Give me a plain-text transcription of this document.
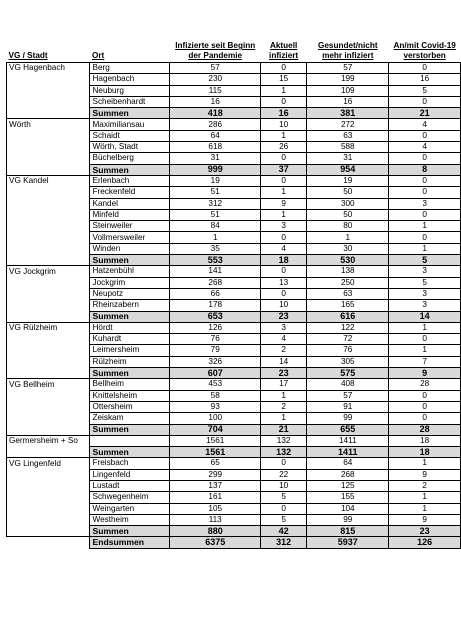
VG / Stadt	Ort	Infizierte seit Beginn der Pandemie	Aktuell infiziert	Gesundet/nicht mehr infiziert	An/mit Covid-19 verstorben
VG Hagenbach	Berg	57	0	57	0
	Hagenbach	230	15	199	16
	Neuburg	115	1	109	5
	Scheibenhardt	16	0	16	0
	Summen	418	16	381	21
Wörth	Maximiliansau	286	10	272	4
	Schaidt	64	1	63	0
	Wörth, Stadt	618	26	588	4
	Büchelberg	31	0	31	0
	Summen	999	37	954	8
VG Kandel	Erlenbach	19	0	19	0
	Freckenfeld	51	1	50	0
	Kandel	312	9	300	3
	Minfeld	51	1	50	0
	Steinweiler	84	3	80	1
	Vollmersweiler	1	0	1	0
	Winden	35	4	30	1
	Summen	553	18	530	5
VG Jockgrim	Hatzenbühl	141	0	138	3
	Jockgrim	268	13	250	5
	Neupotz	66	0	63	3
	Rheinzabern	178	10	165	3
	Summen	653	23	616	14
VG Rülzheim	Hördt	126	3	122	1
	Kuhardt	76	4	72	0
	Leimersheim	79	2	76	1
	Rülzheim	326	14	305	7
	Summen	607	23	575	9
VG Bellheim	Bellheim	453	17	408	28
	Knittelsheim	58	1	57	0
	Ottersheim	93	2	91	0
	Zeiskam	100	1	99	0
	Summen	704	21	655	28
Germersheim + So		1561	132	1411	18
	Summen	1561	132	1411	18
VG Lingenfeld	Freisbach	65	0	64	1
	Lingenfeld	299	22	268	9
	Lustadt	137	10	125	2
	Schwegenheim	161	5	155	1
	Weingarten	105	0	104	1
	Westheim	113	5	99	9
	Summen	880	42	815	23
	Endsummen	6375	312	5937	126
